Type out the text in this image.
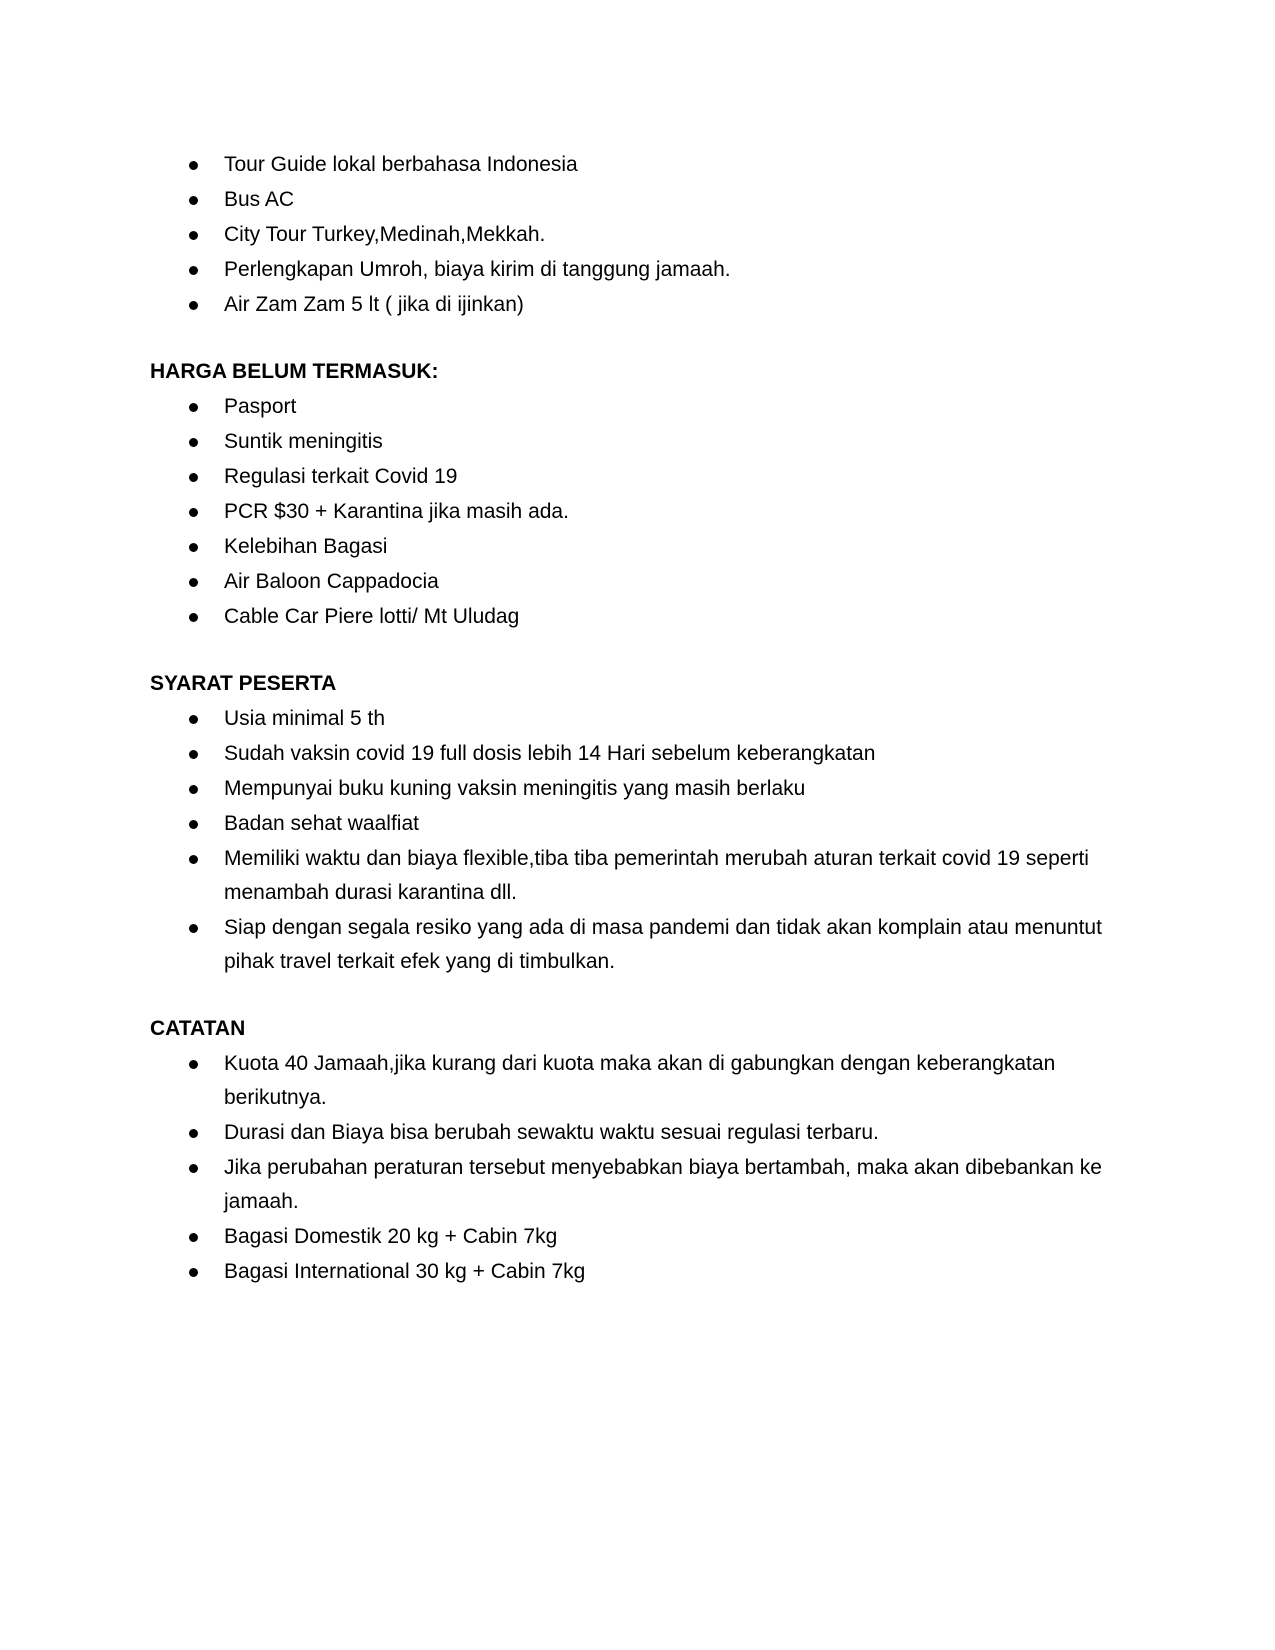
Tour Guide lokal berbahasa Indonesia
Bus AC
City Tour Turkey,Medinah,Mekkah.
Perlengkapan Umroh, biaya kirim di tanggung jamaah.
Air Zam Zam 5 lt ( jika di ijinkan)
HARGA BELUM TERMASUK:
Pasport
Suntik meningitis
Regulasi terkait Covid 19
PCR $30 + Karantina jika masih ada.
Kelebihan Bagasi
Air Baloon Cappadocia
Cable Car Piere lotti/ Mt Uludag
SYARAT PESERTA
Usia minimal 5 th
Sudah vaksin covid 19 full dosis lebih 14 Hari sebelum keberangkatan
Mempunyai buku kuning vaksin meningitis yang masih berlaku
Badan sehat waalfiat
Memiliki waktu dan biaya flexible,tiba tiba pemerintah merubah aturan terkait covid 19 seperti menambah durasi karantina dll.
Siap dengan segala resiko yang ada di masa pandemi dan tidak akan komplain atau menuntut pihak travel terkait efek yang di timbulkan.
CATATAN
Kuota 40 Jamaah,jika kurang dari kuota maka akan di gabungkan dengan keberangkatan berikutnya.
Durasi dan Biaya bisa berubah sewaktu waktu sesuai regulasi terbaru.
Jika perubahan peraturan tersebut menyebabkan biaya bertambah, maka akan dibebankan ke jamaah.
Bagasi Domestik 20 kg + Cabin 7kg
Bagasi International 30 kg + Cabin 7kg
